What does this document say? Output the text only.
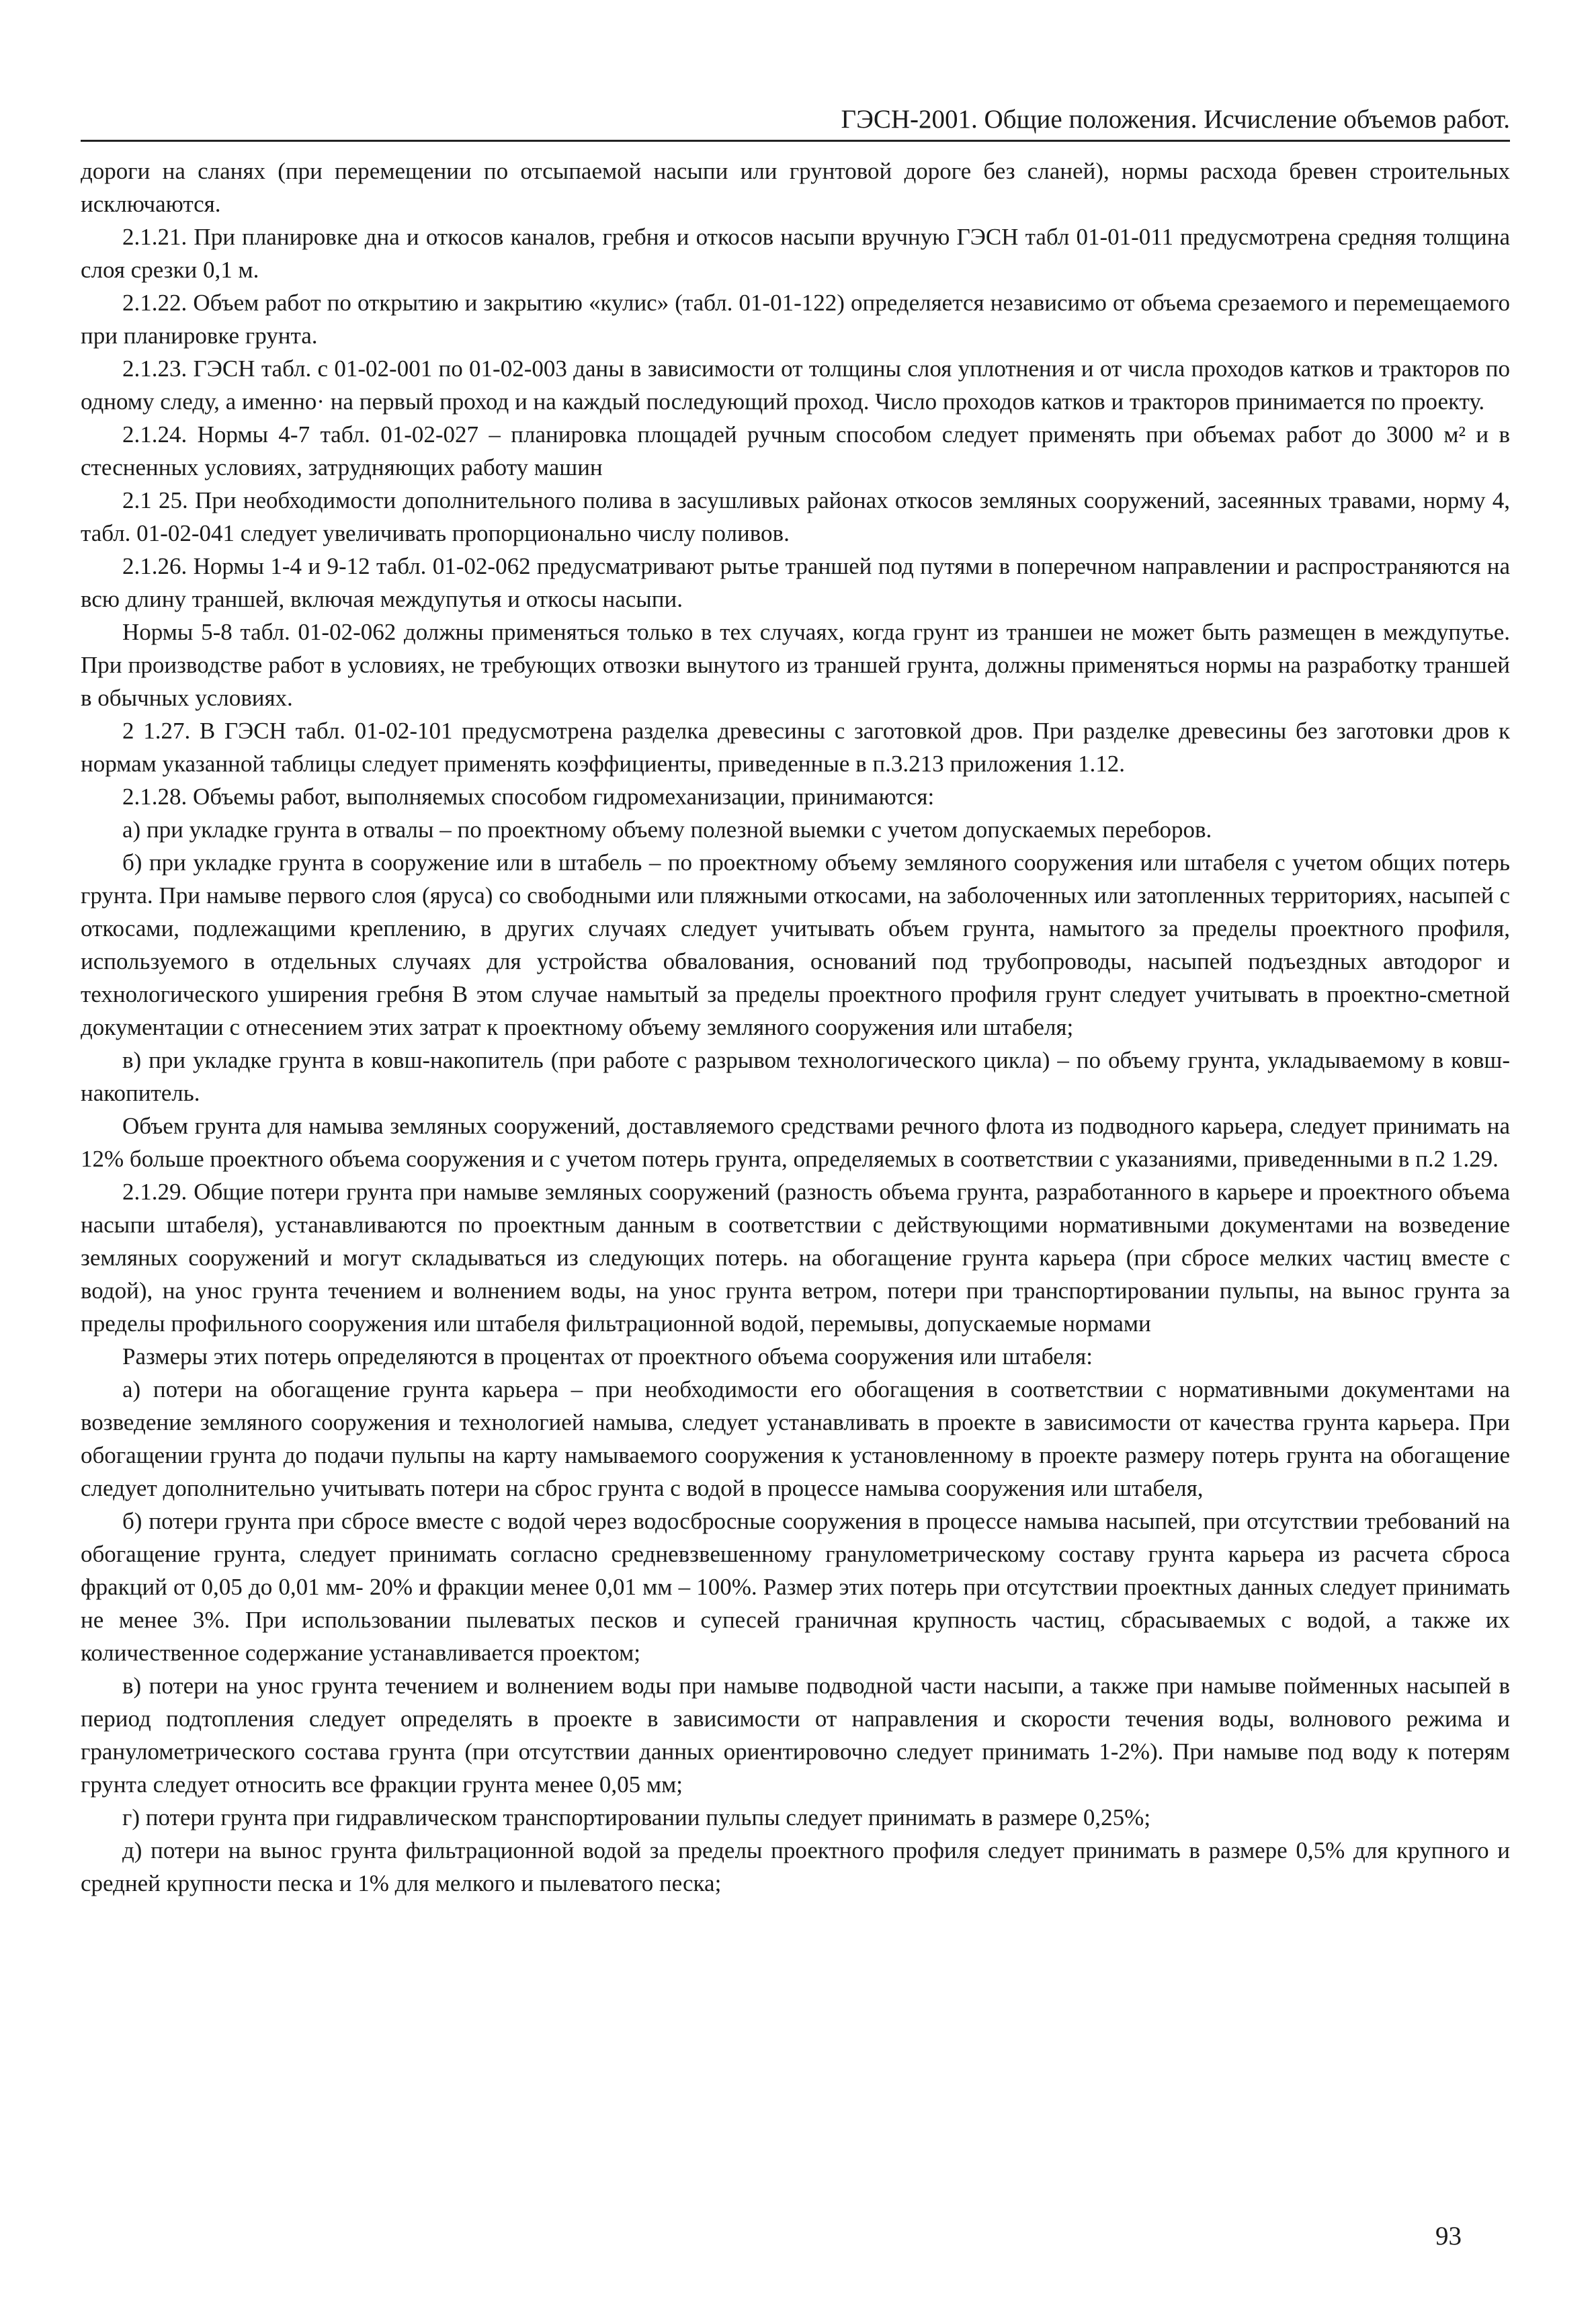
ГЭСН-2001. Общие положения. Исчисление объемов работ.

дороги на сланях (при перемещении по отсыпаемой насыпи или грунтовой дороге без сланей), нормы расхода бревен строительных исключаются.

2.1.21. При планировке дна и откосов каналов, гребня и откосов насыпи вручную ГЭСН табл 01-01-011 предусмотрена средняя толщина слоя срезки 0,1 м.

2.1.22. Объем работ по открытию и закрытию «кулис» (табл. 01-01-122) определяется независимо от объема срезаемого и перемещаемого при планировке грунта.

2.1.23. ГЭСН табл. с 01-02-001 по 01-02-003 даны в зависимости от толщины слоя уплотнения и от числа проходов катков и тракторов по одному следу, а именно· на первый проход и на каждый последующий проход. Число проходов катков и тракторов принимается по проекту.

2.1.24. Нормы 4-7 табл. 01-02-027 – планировка площадей ручным способом следует применять при объемах работ до 3000 м² и в стесненных условиях, затрудняющих работу машин

2.1 25. При необходимости дополнительного полива в засушливых районах откосов земляных сооружений, засеянных травами, норму 4, табл. 01-02-041 следует увеличивать пропорционально числу поливов.

2.1.26. Нормы 1-4 и 9-12 табл. 01-02-062 предусматривают рытье траншей под путями в поперечном направлении и распространяются на всю длину траншей, включая междупутья и откосы насыпи.

Нормы 5-8 табл. 01-02-062 должны применяться только в тех случаях, когда грунт из траншеи не может быть размещен в междупутье. При производстве работ в условиях, не требующих отвозки вынутого из траншей грунта, должны применяться нормы на разработку траншей в обычных условиях.

2 1.27. В ГЭСН табл. 01-02-101 предусмотрена разделка древесины с заготовкой дров. При разделке древесины без заготовки дров к нормам указанной таблицы следует применять коэффициенты, приведенные в п.3.213 приложения 1.12.

2.1.28. Объемы работ, выполняемых способом гидромеханизации, принимаются:

а) при укладке грунта в отвалы – по проектному объему полезной выемки с учетом допускаемых переборов.

б) при укладке грунта в сооружение или в штабель – по проектному объему земляного сооружения или штабеля с учетом общих потерь грунта. При намыве первого слоя (яруса) со свободными или пляжными откосами, на заболоченных или затопленных территориях, насыпей с откосами, подлежащими креплению, в других случаях следует учитывать объем грунта, намытого за пределы проектного профиля, используемого в отдельных случаях для устройства обвалования, оснований под трубопроводы, насыпей подъездных автодорог и технологического уширения гребня В этом случае намытый за пределы проектного профиля грунт следует учитывать в проектно-сметной документации с отнесением этих затрат к проектному объему земляного сооружения или штабеля;

в) при укладке грунта в ковш-накопитель (при работе с разрывом технологического цикла) – по объему грунта, укладываемому в ковш-накопитель.

Объем грунта для намыва земляных сооружений, доставляемого средствами речного флота из подводного карьера, следует принимать на 12% больше проектного объема сооружения и с учетом потерь грунта, определяемых в соответствии с указаниями, приведенными в п.2 1.29.

2.1.29. Общие потери грунта при намыве земляных сооружений (разность объема грунта, разработанного в карьере и проектного объема насыпи штабеля), устанавливаются по проектным данным в соответствии с действующими нормативными документами на возведение земляных сооружений и могут складываться из следующих потерь. на обогащение грунта карьера (при сбросе мелких частиц вместе с водой), на унос грунта течением и волнением воды, на унос грунта ветром, потери при транспортировании пульпы, на вынос грунта за пределы профильного сооружения или штабеля фильтрационной водой, перемывы, допускаемые нормами

Размеры этих потерь определяются в процентах от проектного объема сооружения или штабеля:

а) потери на обогащение грунта карьера – при необходимости его обогащения в соответствии с нормативными документами на возведение земляного сооружения и технологией намыва, следует устанавливать в проекте в зависимости от качества грунта карьера. При обогащении грунта до подачи пульпы на карту намываемого сооружения к установленному в проекте размеру потерь грунта на обогащение следует дополнительно учитывать потери на сброс грунта с водой в процессе намыва сооружения или штабеля,

б) потери грунта при сбросе вместе с водой через водосбросные сооружения в процессе намыва насыпей, при отсутствии требований на обогащение грунта, следует принимать согласно средневзвешенному гранулометрическому составу грунта карьера из расчета сброса фракций от 0,05 до 0,01 мм- 20% и фракции менее 0,01 мм – 100%. Размер этих потерь при отсутствии проектных данных следует принимать не менее 3%. При использовании пылеватых песков и супесей граничная крупность частиц, сбрасываемых с водой, а также их количественное содержание устанавливается проектом;

в) потери на унос грунта течением и волнением воды при намыве подводной части насыпи, а также при намыве пойменных насыпей в период подтопления следует определять в проекте в зависимости от направления и скорости течения воды, волнового режима и гранулометрического состава грунта (при отсутствии данных ориентировочно следует принимать 1-2%). При намыве под воду к потерям грунта следует относить все фракции грунта менее 0,05 мм;

г) потери грунта при гидравлическом транспортировании пульпы следует принимать в размере 0,25%;

д) потери на вынос грунта фильтрационной водой за пределы проектного профиля следует принимать в размере 0,5% для крупного и средней крупности песка и 1% для мелкого и пылеватого песка;

93
